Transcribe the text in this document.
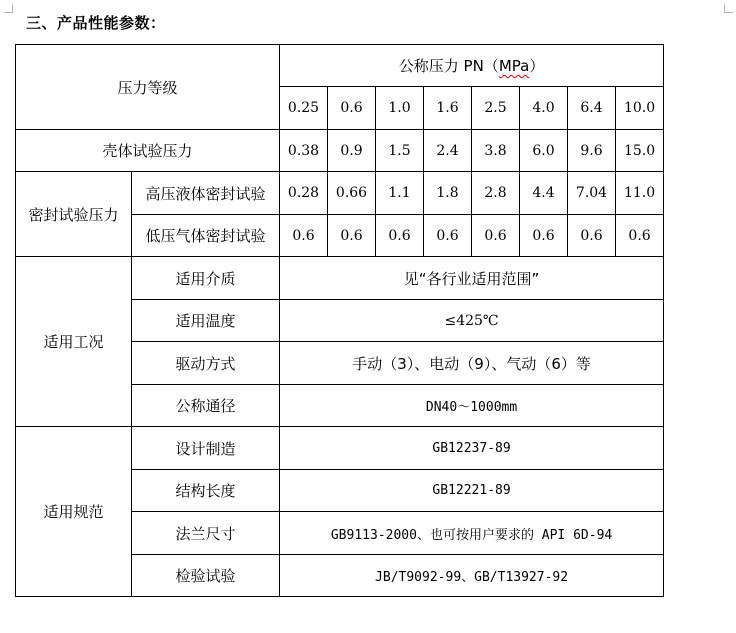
三、产品性能参数：
压力等级		公称压力 PN（MPa）							
		0.25	0.6	1.0	1.6	2.5	4.0	6.4	10.0
壳体试验压力		0.38	0.9	1.5	2.4	3.8	6.0	9.6	15.0
密封试验压力	高压液体密封试验	0.28	0.66	1.1	1.8	2.8	4.4	7.04	11.0
	低压气体密封试验	0.6	0.6	0.6	0.6	0.6	0.6	0.6	0.6
适用工况	适用介质	见“各行业适用范围”							
	适用温度	≤425℃							
	驱动方式	手动（3）、电动（9）、气动（6）等							
	公称通径	DN40～1000mm							
适用规范	设计制造	GB12237-89							
	结构长度	GB12221-89							
	法兰尺寸	GB9113-2000、也可按用户要求的 API 6D-94							
	检验试验	JB/T9092-99、GB/T13927-92							
